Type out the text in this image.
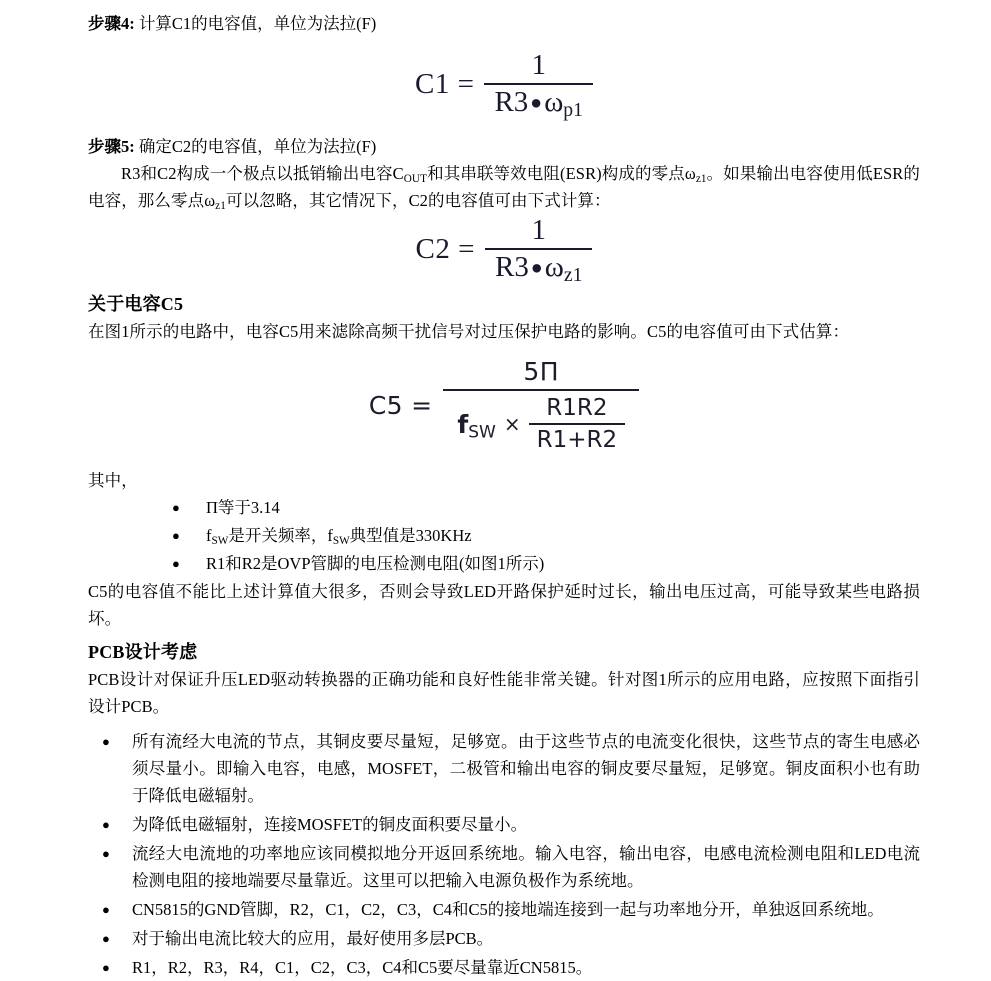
步骤4: 计算C1的电容值，单位为法拉(F)

$C1 = \frac{1}{R3 ●\omega_{p1}}$

步骤5: 确定C2的电容值，单位为法拉(F)

R3和C2构成一个极点以抵销输出电容$C_{OUT}$和其串联等效电阻(ESR)构成的零点$\omega_{z1}$。如果输出电容使用低ESR的电容，那么零点$\omega_{z1}$可以忽略，其它情况下，C2的电容值可由下式计算：

$C2 = \frac{1}{R3 ●\omega_{z1}}$
关于电容C5

在图1所示的电路中，电容C5用来滤除高频干扰信号对过压保护电路的影响。C5的电容值可由下式估算：

C5 =
5Π
$f_{SW} \times \frac{R1R2}{R1+R2}$

其中，

● Π等于3.14
● $f_{SW}$是开关频率，$f_{SW}$典型值是330KHz
● R1和R2是OVP管脚的电压检测电阻(如图1所示)

C5的电容值不能比上述计算值大很多，否则会导致LED开路保护延时过长，输出电压过高，可能导致某些电路损坏。

PCB设计考虑

PCB设计对保证升压LED驱动转换器的正确功能和良好性能非常关键。针对图1所示的应用电路，应按照下面指引设计PCB。

● 所有流经大电流的节点，其铜皮要尽量短，足够宽。由于这些节点的电流变化很快，这些节点的寄生电感必须尽量小。即输入电容，电感，MOSFET，二极管和输出电容的铜皮要尽量短，足够宽。铜皮面积小也有助于降低电磁辐射。
● 为降低电磁辐射，连接MOSFET的铜皮面积要尽量小。
● 流经大电流地的功率地应该同模拟地分开返回系统地。输入电容，输出电容，电感电流检测电阻和LED电流检测电阻的接地端要尽量靠近。这里可以把输入电源负极作为系统地。
● CN5815的GND管脚，R2，C1，C2，C3，C4和C5的接地端连接到一起与功率地分开，单独返回系统地。
● 对于输出电流比较大的应用，最好使用多层PCB。
● R1，R2，R3，R4，C1，C2，C3，C4和C5要尽量靠近CN5815。
